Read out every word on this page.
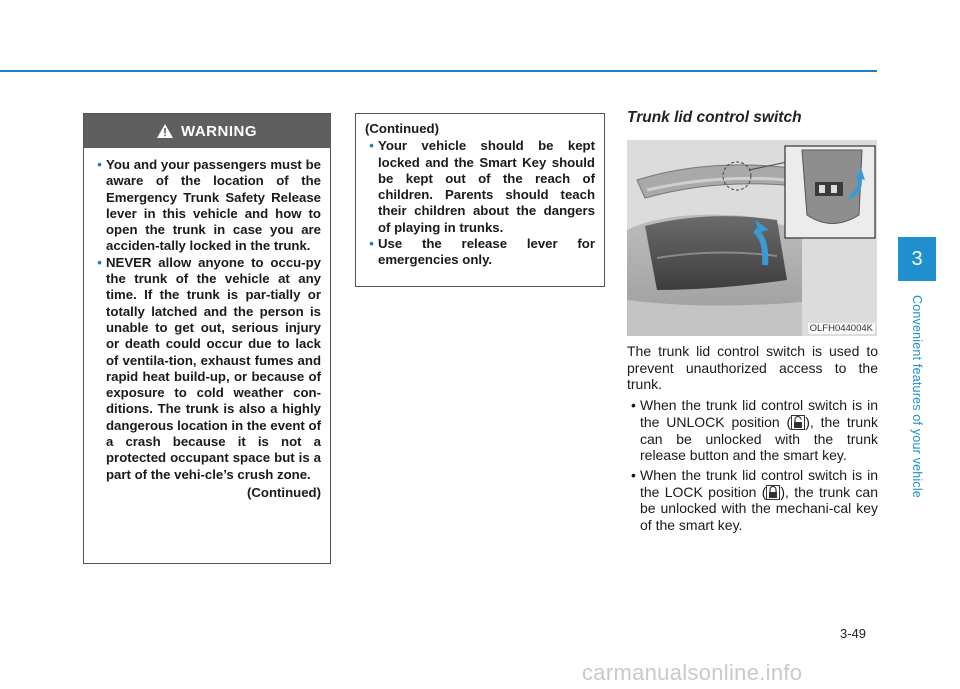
WARNING
• You and your passengers must be aware of the location of the Emergency Trunk Safety Release lever in this vehicle and how to open the trunk in case you are acciden-tally locked in the trunk.
• NEVER allow anyone to occu-py the trunk of the vehicle at any time. If the trunk is par-tially or totally latched and the person is unable to get out, serious injury or death could occur due to lack of ventila-tion, exhaust fumes and rapid heat build-up, or because of exposure to cold weather con-ditions. The trunk is also a highly dangerous location in the event of a crash because it is not a protected occupant space but is a part of the vehi-cle’s crush zone.
(Continued)
(Continued)
• Your vehicle should be kept locked and the Smart Key should be kept out of the reach of children. Parents should teach their children about the dangers of playing in trunks.
• Use the release lever for emergencies only.
Trunk lid control switch
OLFH044004K

The trunk lid control switch is used to prevent unauthorized access to the trunk.

• When the trunk lid control switch is in the UNLOCK position ( ), the trunk can be unlocked with the trunk release button and the smart key.
• When the trunk lid control switch is in the LOCK position ( ), the trunk can be unlocked with the mechani-cal key of the smart key.
3
Convenient features of your vehicle
3-49
carmanualsonline.info
